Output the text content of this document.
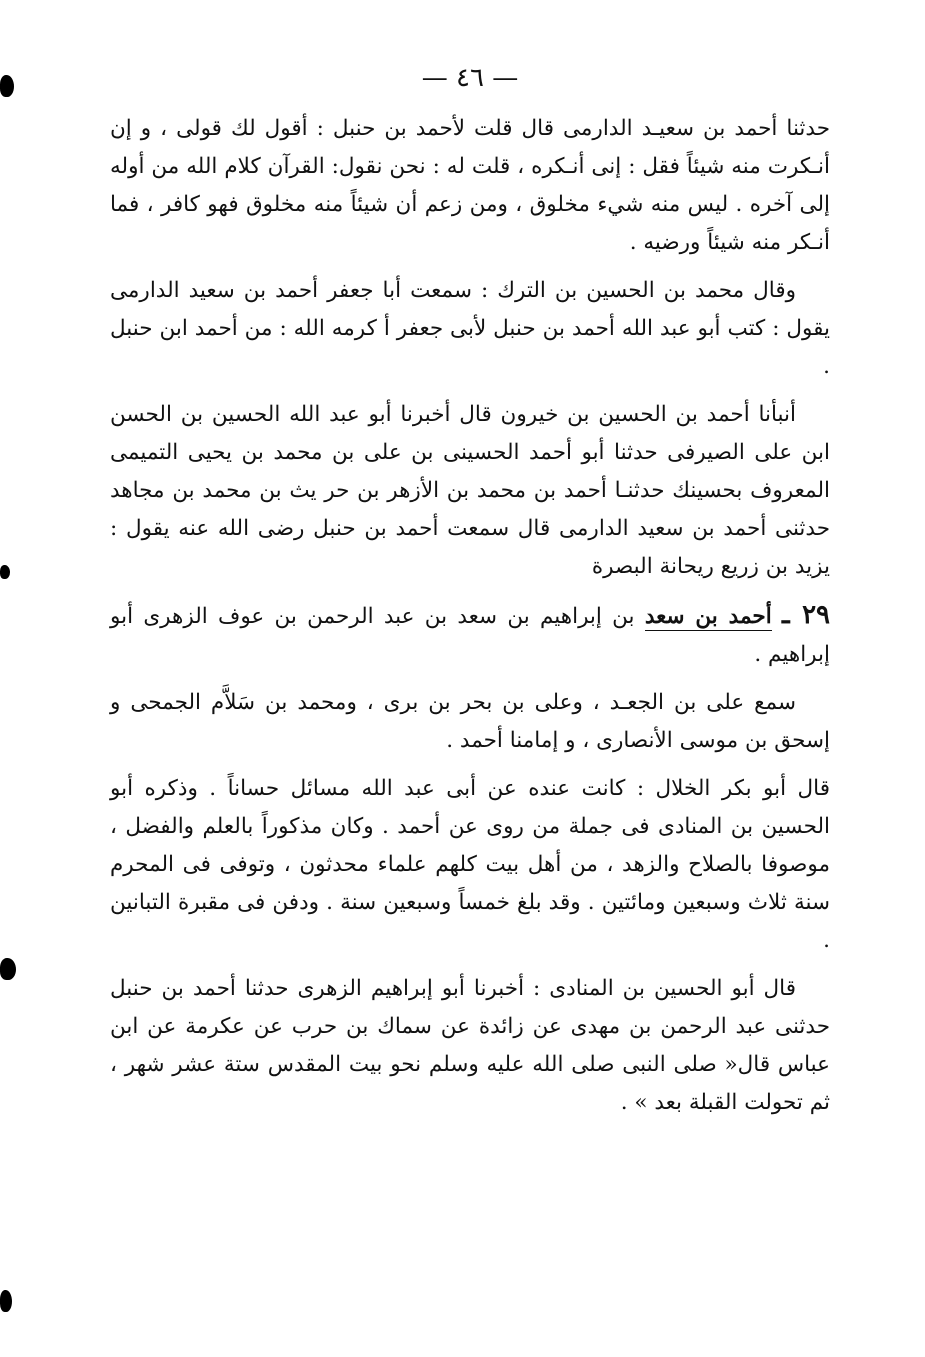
— ٤٦ —

حدثنا أحمد بن سعيـد الدارمى قال قلت لأحمد بن حنبل : أقول لك قولى ، و إن أنـكرت منه شيئاً فقل : إنى أنـكره ، قلت له : نحن نقول: القرآن كلام الله من أوله إلى آخره . ليس منه شيء مخلوق ، ومن زعم أن شيئاً منه مخلوق فهو كافر ، فما أنـكر منه شيئاً ورضيه .

وقال محمد بن الحسين بن الترك : سمعت أبا جعفر أحمد بن سعيد الدارمى يقول : كتب أبو عبد الله أحمد بن حنبل لأبى جعفر أ كرمه الله : من أحمد ابن حنبل .

أنبأنا أحمد بن الحسين بن خيرون قال أخبرنا أبو عبد الله الحسين بن الحسن ابن على الصيرفى حدثنا أبو أحمد الحسينى بن على بن محمد بن يحيى التميمى المعروف بحسينك حدثنـا أحمد بن محمد بن الأزهر بن حر يث بن محمد بن مجاهد حدثنى أحمد بن سعيد الدارمى قال سمعت أحمد بن حنبل رضى الله عنه يقول : يزيد بن زريع ريحانة البصرة

٢٩ ـ أحمد بن سعد بن إبراهيم بن سعد بن عبد الرحمن بن عوف الزهرى أبو إبراهيم .

سمع على بن الجعـد ، وعلى بن بحر بن برى ، ومحمد بن سَلاَّم الجمحى و إسحق بن موسى الأنصارى ، و إمامنا أحمد .

قال أبو بكر الخلال : كانت عنده عن أبى عبد الله مسائل حساناً . وذكره أبو الحسين بن المنادى فى جملة من روى عن أحمد . وكان مذكوراً بالعلم والفضل ، موصوفا بالصلاح والزهد ، من أهل بيت كلهم علماء محدثون ، وتوفى فى المحرم سنة ثلاث وسبعين ومائتين . وقد بلغ خمساً وسبعين سنة . ودفن فى مقبرة التبانين .

قال أبو الحسين بن المنادى : أخبرنا أبو إبراهيم الزهرى حدثنا أحمد بن حنبل حدثنى عبد الرحمن بن مهدى عن زائدة عن سماك بن حرب عن عكرمة عن ابن عباس قال« صلى النبى صلى الله عليه وسلم نحو بيت المقدس ستة عشر شهر ، ثم تحولت القبلة بعد » .
